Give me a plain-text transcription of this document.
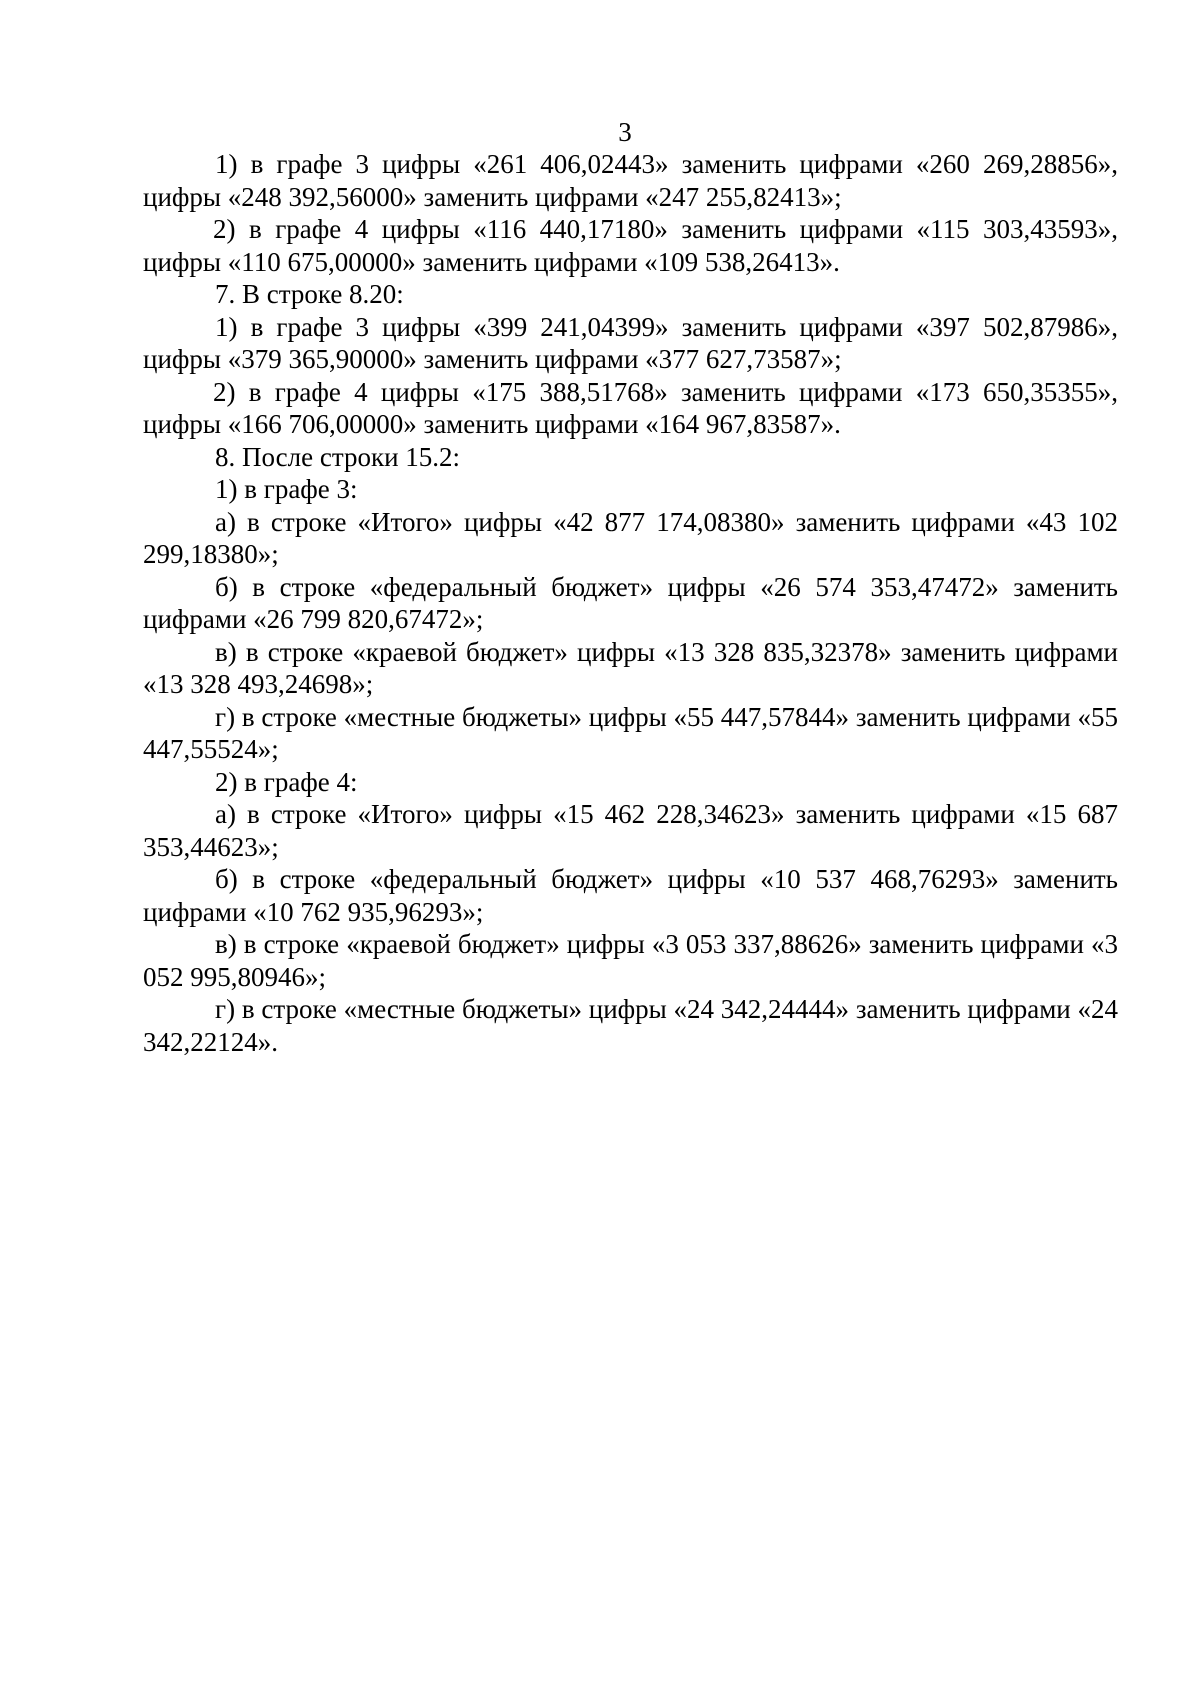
3

1) в графе 3 цифры «261 406,02443» заменить цифрами «260 269,28856», цифры «248 392,56000» заменить цифрами «247 255,82413»;

2) в графе 4 цифры «116 440,17180» заменить цифрами «115 303,43593», цифры «110 675,00000» заменить цифрами «109 538,26413».

7. В строке 8.20:

1) в графе 3 цифры «399 241,04399» заменить цифрами «397 502,87986», цифры «379 365,90000» заменить цифрами «377 627,73587»;

2) в графе 4 цифры «175 388,51768» заменить цифрами «173 650,35355», цифры «166 706,00000» заменить цифрами «164 967,83587».

8. После строки 15.2:

1) в графе 3:

а) в строке «Итого» цифры «42 877 174,08380» заменить цифрами «43 102 299,18380»;

б) в строке «федеральный бюджет» цифры «26 574 353,47472» заменить цифрами «26 799 820,67472»;

в) в строке «краевой бюджет» цифры «13 328 835,32378» заменить цифрами «13 328 493,24698»;

г) в строке «местные бюджеты» цифры «55 447,57844» заменить цифрами «55 447,55524»;

2) в графе 4:

а) в строке «Итого» цифры «15 462 228,34623» заменить цифрами «15 687 353,44623»;

б) в строке «федеральный бюджет» цифры «10 537 468,76293» заменить цифрами «10 762 935,96293»;

в) в строке «краевой бюджет» цифры «3 053 337,88626» заменить цифрами «3 052 995,80946»;

г) в строке «местные бюджеты» цифры «24 342,24444» заменить цифрами «24 342,22124».
